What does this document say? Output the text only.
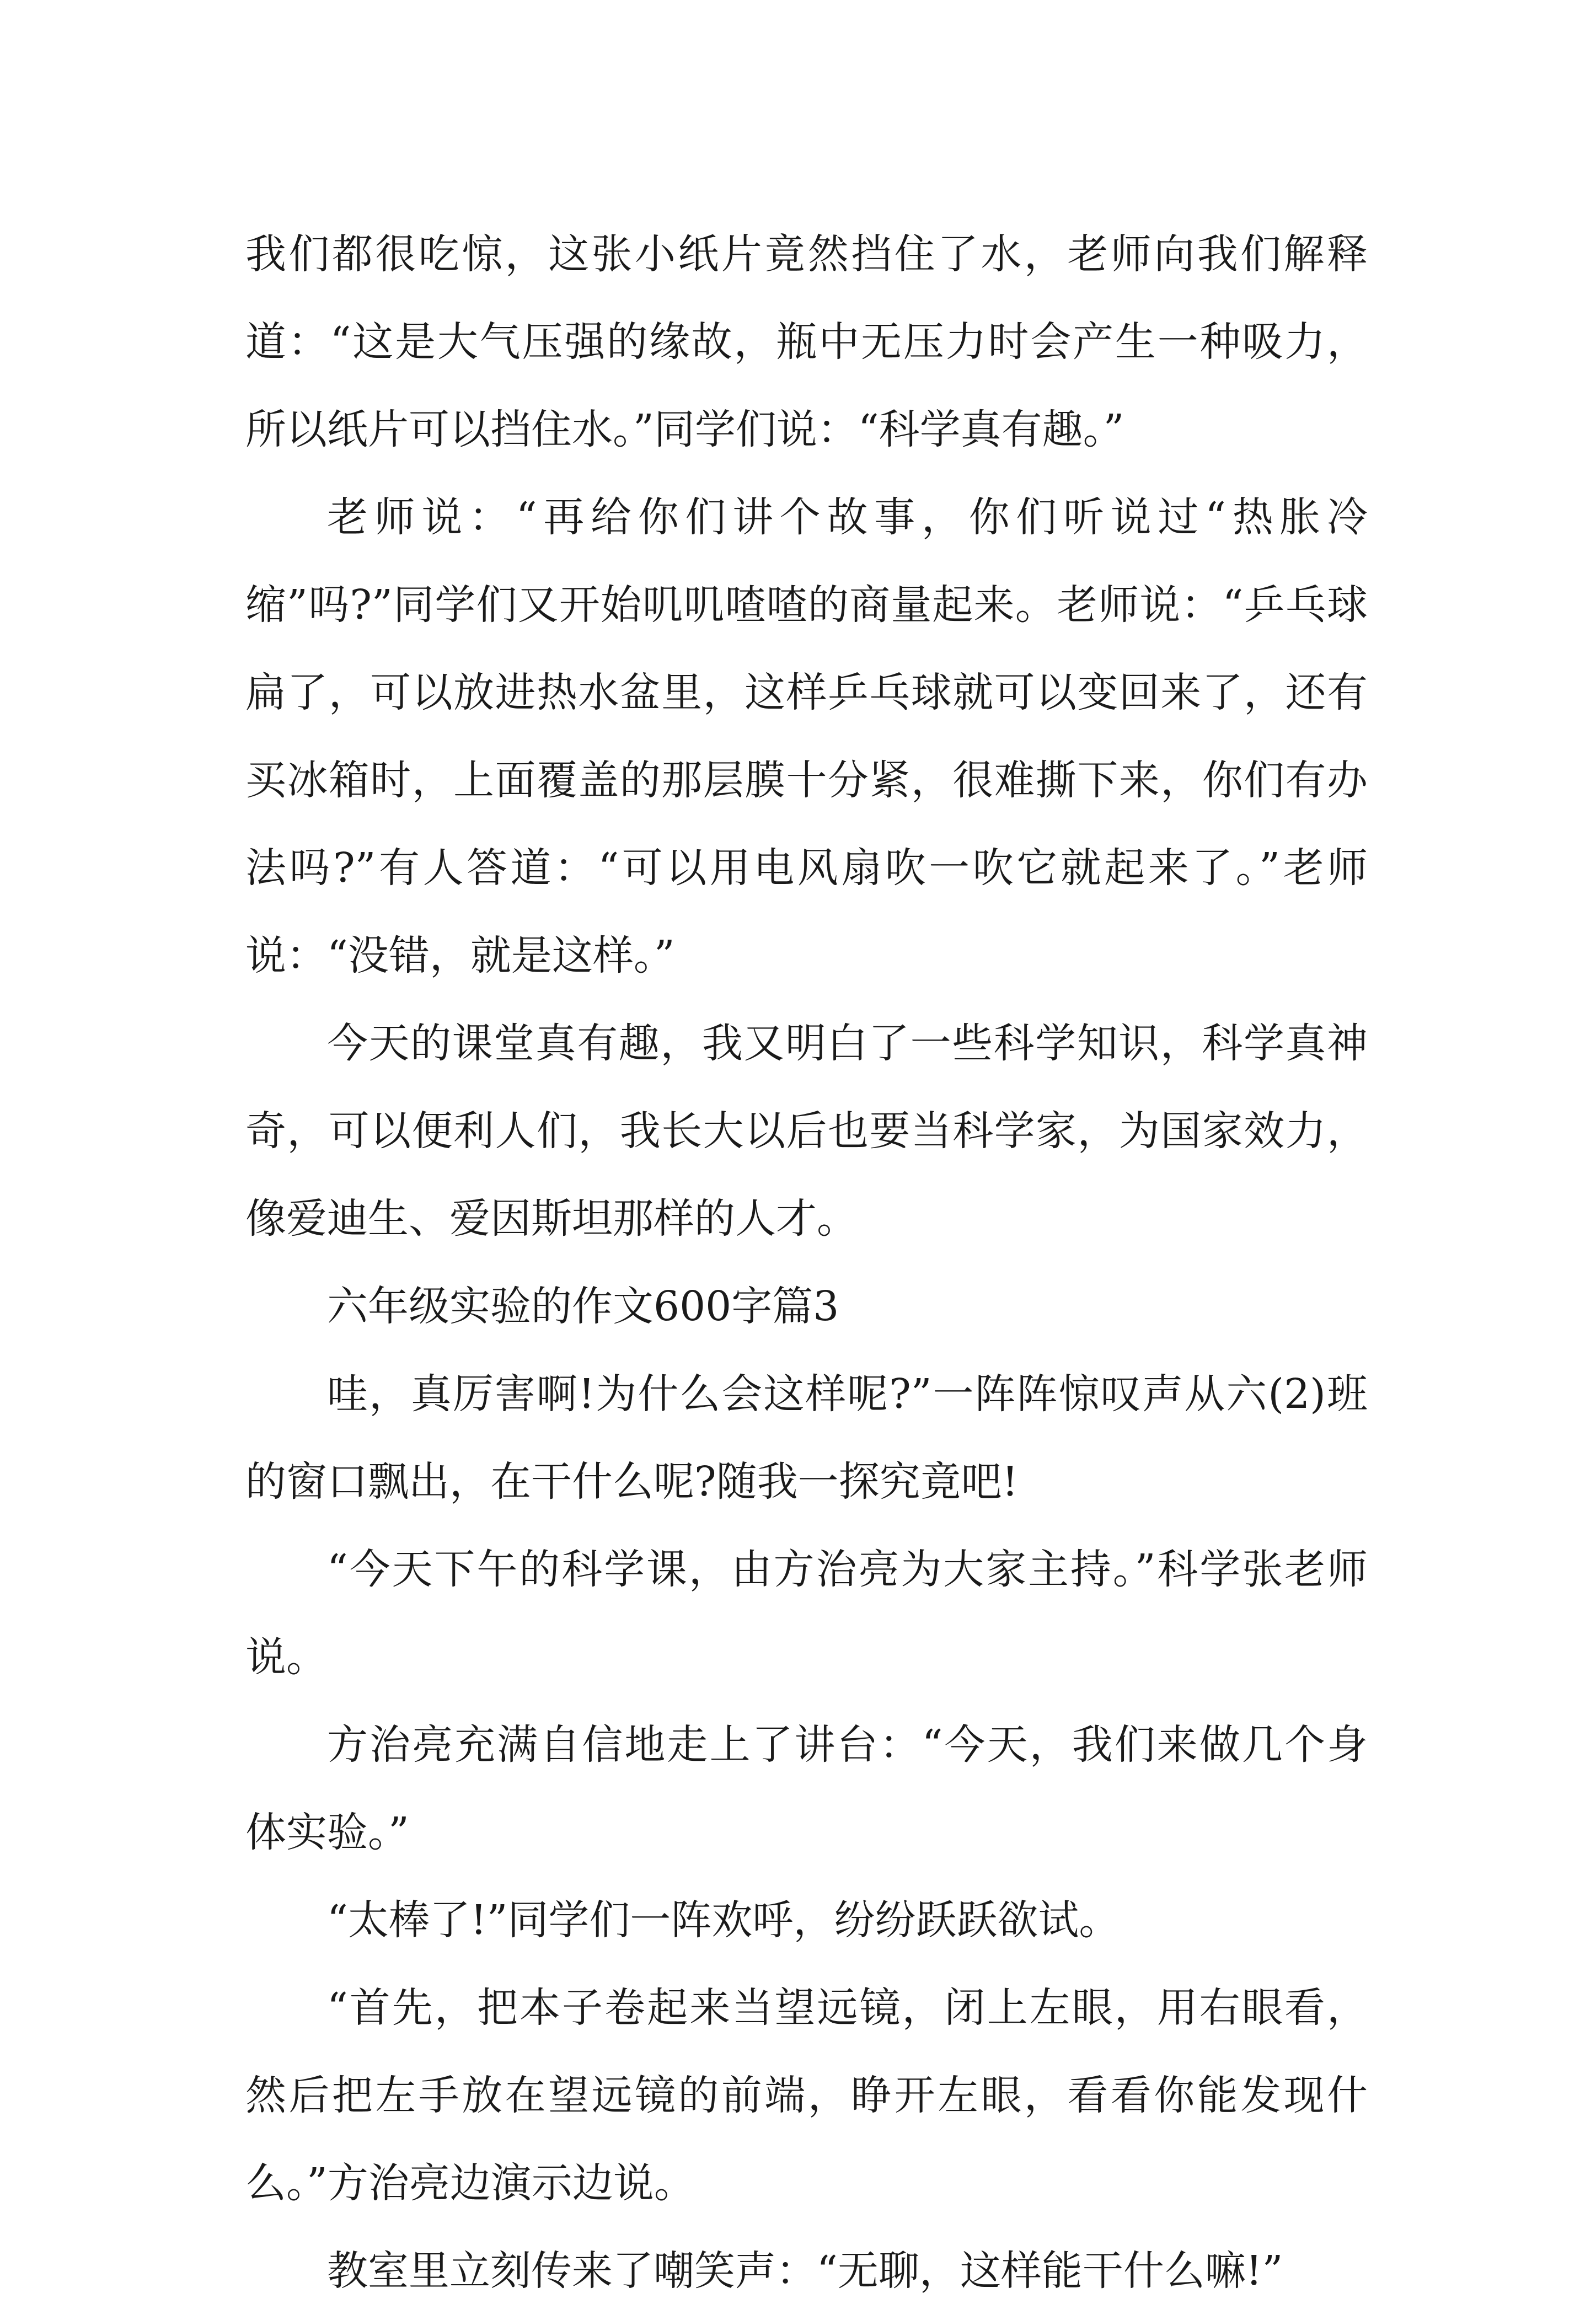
我们都很吃惊，这张小纸片竟然挡住了水，老师向我们解释道：“这是大气压强的缘故，瓶中无压力时会产生一种吸力，所以纸片可以挡住水。”同学们说：“科学真有趣。”

老师说：“再给你们讲个故事，你们听说过“热胀冷缩”吗?”同学们又开始叽叽喳喳的商量起来。老师说：“乒乓球扁了，可以放进热水盆里，这样乒乓球就可以变回来了，还有买冰箱时，上面覆盖的那层膜十分紧，很难撕下来，你们有办法吗?”有人答道：“可以用电风扇吹一吹它就起来了。”老师说：“没错，就是这样。”

今天的课堂真有趣，我又明白了一些科学知识，科学真神奇，可以便利人们，我长大以后也要当科学家，为国家效力，像爱迪生、爱因斯坦那样的人才。

六年级实验的作文600字篇3

哇，真厉害啊!为什么会这样呢?”一阵阵惊叹声从六(2)班的窗口飘出，在干什么呢?随我一探究竟吧!

“今天下午的科学课，由方治亮为大家主持。”科学张老师说。

方治亮充满自信地走上了讲台：“今天，我们来做几个身体实验。”

“太棒了!”同学们一阵欢呼，纷纷跃跃欲试。

“首先，把本子卷起来当望远镜，闭上左眼，用右眼看，然后把左手放在望远镜的前端，睁开左眼，看看你能发现什么。”方治亮边演示边说。

教室里立刻传来了嘲笑声：“无聊，这样能干什么嘛!”
